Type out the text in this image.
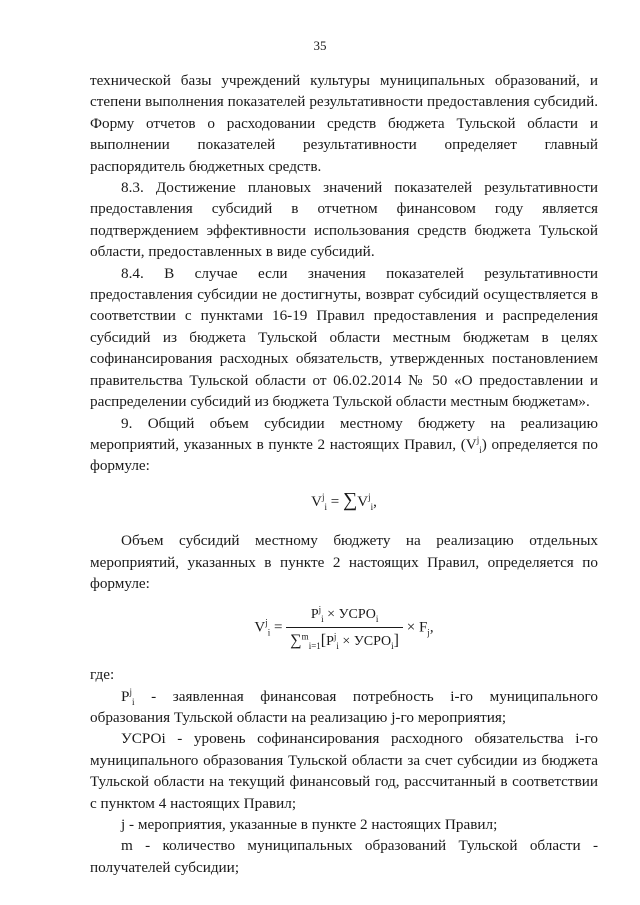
35

технической базы учреждений культуры муниципальных образований, и степени выполнения показателей результативности предоставления субсидий. Форму отчетов о расходовании средств бюджета Тульской области и выполнении показателей результативности определяет главный распорядитель бюджетных средств.

8.3. Достижение плановых значений показателей результативности предоставления субсидий в отчетном финансовом году является подтверждением эффективности использования средств бюджета Тульской области, предоставленных в виде субсидий.

8.4. В случае если значения показателей результативности предоставления субсидии не достигнуты, возврат субсидий осуществляется в соответствии с пунктами 16-19 Правил предоставления и распределения субсидий из бюджета Тульской области местным бюджетам в целях софинансирования расходных обязательств, утвержденных постановлением правительства Тульской области от 06.02.2014 № 50 «О предоставлении и распределении субсидий из бюджета Тульской области местным бюджетам».

9. Общий объем субсидии местному бюджету на реализацию мероприятий, указанных в пункте 2 настоящих Правил, $(V^j_i)$ определяется по формуле:

$V^j_i = \sum V^j_i$,

Объем субсидий местному бюджету на реализацию отдельных мероприятий, указанных в пункте 2 настоящих Правил, определяется по формуле:

$V^j_i = \frac{P^j_i \times УСРО_i}{\sum^m_{i=1}[P^j_i \times УСРО_i]} \times F_j$,

где:

$P^j_i$ - заявленная финансовая потребность i-го муниципального образования Тульской области на реализацию j-го мероприятия;

УСРОi - уровень софинансирования расходного обязательства i-го муниципального образования Тульской области за счет субсидии из бюджета Тульской области на текущий финансовый год, рассчитанный в соответствии с пунктом 4 настоящих Правил;

j - мероприятия, указанные в пункте 2 настоящих Правил;

m - количество муниципальных образований Тульской области - получателей субсидии;
